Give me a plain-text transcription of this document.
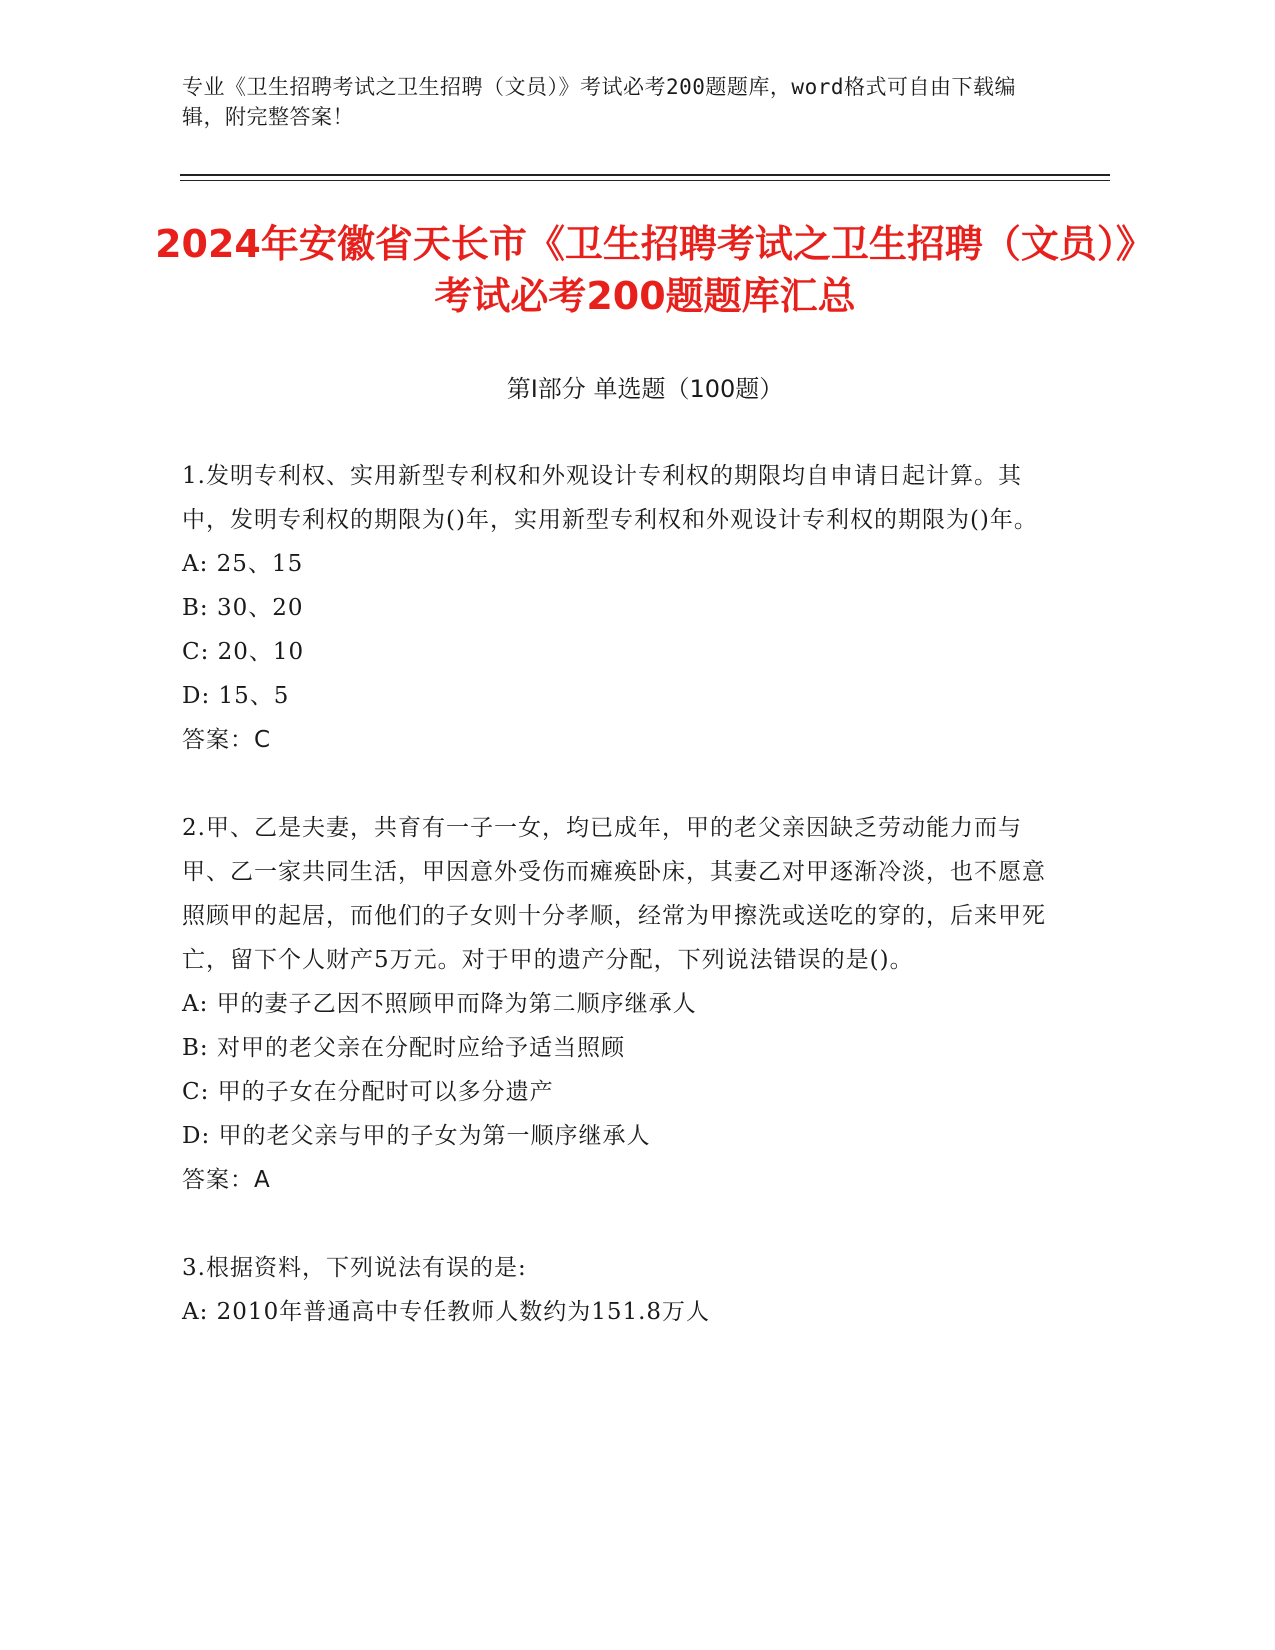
专业《卫生招聘考试之卫生招聘（文员）》考试必考200题题库，word格式可自由下载编辑，附完整答案！
2024年安徽省天长市《卫生招聘考试之卫生招聘（文员）》考试必考200题题库汇总
第I部分 单选题（100题）

1.发明专利权、实用新型专利权和外观设计专利权的期限均自申请日起计算。其中，发明专利权的期限为()年，实用新型专利权和外观设计专利权的期限为()年。

A: 25、15

B: 30、20

C: 20、10

D: 15、5

答案：C

2.甲、乙是夫妻，共育有一子一女，均已成年，甲的老父亲因缺乏劳动能力而与甲、乙一家共同生活，甲因意外受伤而瘫痪卧床，其妻乙对甲逐渐冷淡，也不愿意照顾甲的起居，而他们的子女则十分孝顺，经常为甲擦洗或送吃的穿的，后来甲死亡，留下个人财产5万元。对于甲的遗产分配，下列说法错误的是()。

A: 甲的妻子乙因不照顾甲而降为第二顺序继承人

B: 对甲的老父亲在分配时应给予适当照顾

C: 甲的子女在分配时可以多分遗产

D: 甲的老父亲与甲的子女为第一顺序继承人

答案：A

3.根据资料，下列说法有误的是:

A: 2010年普通高中专任教师人数约为151.8万人
